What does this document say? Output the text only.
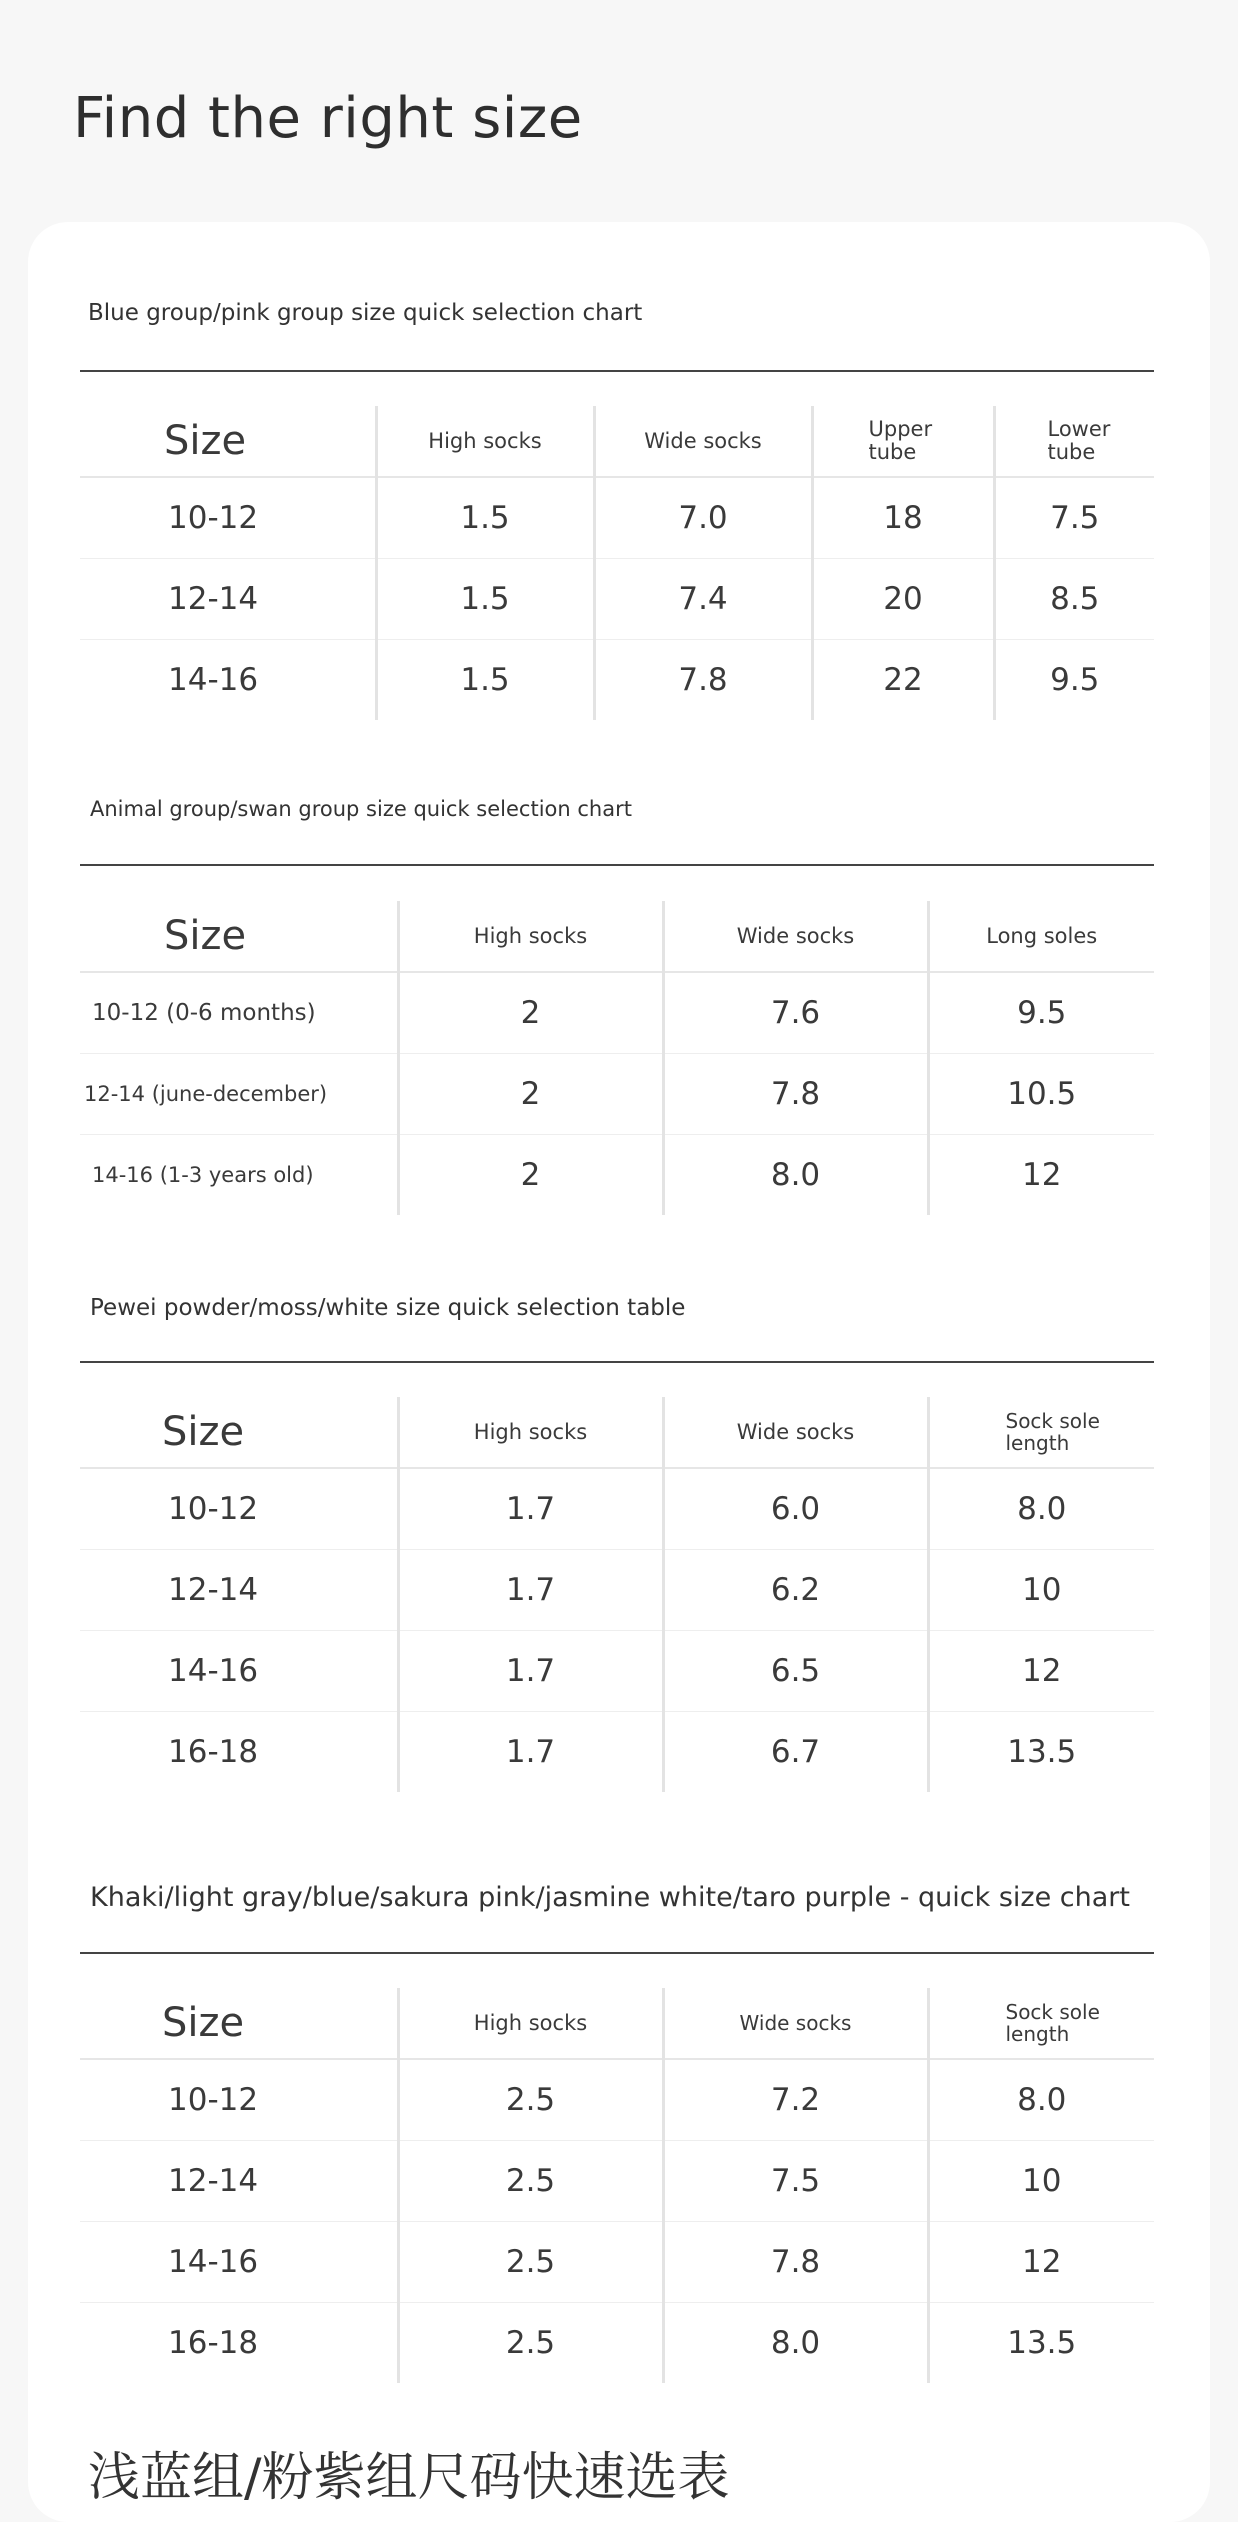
Find the right size
Blue group/pink group size quick selection chart
Size	High socks	Wide socks	Upper tube	Lower tube
10-12	1.5	7.0	18	7.5
12-14	1.5	7.4	20	8.5
14-16	1.5	7.8	22	9.5
Animal group/swan group size quick selection chart
Size	High socks	Wide socks	Long soles
10-12 (0-6 months)	2	7.6	9.5
12-14 (june-december)	2	7.8	10.5
14-16 (1-3 years old)	2	8.0	12
Pewei powder/moss/white size quick selection table
Size	High socks	Wide socks	Sock sole length
10-12	1.7	6.0	8.0
12-14	1.7	6.2	10
14-16	1.7	6.5	12
16-18	1.7	6.7	13.5
Khaki/light gray/blue/sakura pink/jasmine white/taro purple - quick size chart
Size	High socks	Wide socks	Sock sole length
10-12	2.5	7.2	8.0
12-14	2.5	7.5	10
14-16	2.5	7.8	12
16-18	2.5	8.0	13.5
